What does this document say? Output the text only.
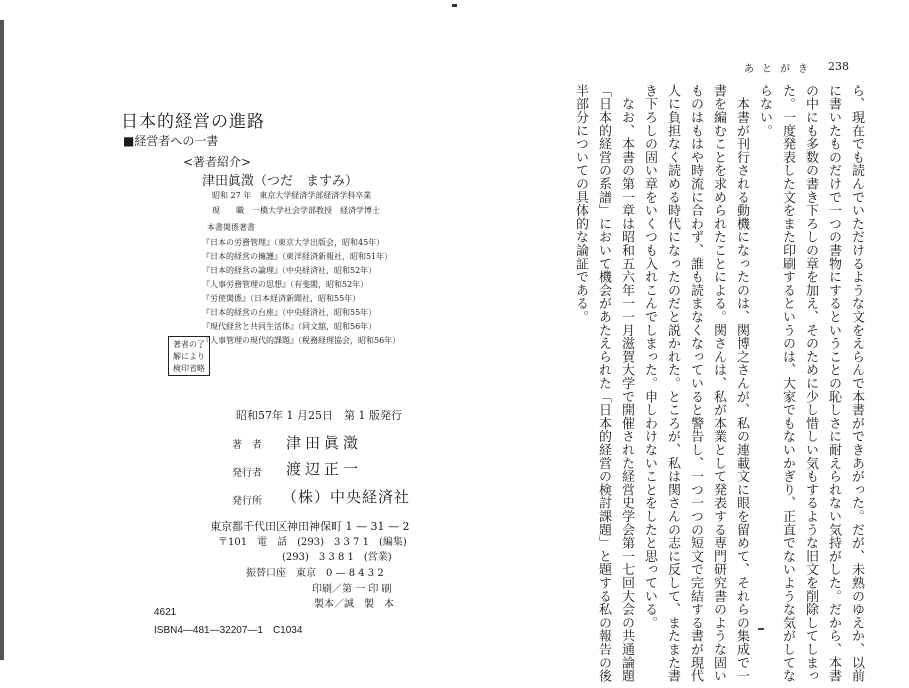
日本的経営の進路
■経営者への一書
<著者紹介>
津田眞澂（つだ　ますみ）
昭和 27 年　東京大学経済学部経済学科卒業
現　　職　一橋大学社会学部教授　経済学博士
本書関係著書
『日本の労務管理』（東京大学出版会，昭和45年）
『日本的経営の擁護』（東洋経済新報社，昭和51年）
『日本的経営の論理』（中央経済社，昭和52年）
『人事労務管理の思想』（有斐閣，昭和52年）
『労使関係』（日本経済新聞社，昭和55年）
『日本的経営の台座』（中央経済社，昭和55年）
『現代経営と共同生活体』（同文舘，昭和56年）
『人事管理の現代的課題』（税務経理協会，昭和56年）
著者の了
解により
検印省略
昭和57年 1 月25日　第 1 版発行
著　者 津田眞澂
発行者 渡辺正一
発行所 （株）中央経済社
東京都千代田区神田神保町 1 — 31 — 2
〒101　電　話　(293)　3 3 7 1　(編集)
(293)　3 3 8 1　(営業)
振替口座　東京　0 — 8 4 3 2
印刷／第 一 印 刷
製本／誠　製　本
4621
ISBN4—481—32207—1　C1034
あとがき 238
ら、現在でも読んでいただけるような文をえらんで本書ができあがった。だが、未熟のゆえか、以前
に書いたものだけで一つの書物にするということの恥しさに耐えられない気持がした。だから、本書
の中にも多数の書き下ろしの章を加え、そのために少し惜しい気もするような旧文を削除してしまっ
た。一度発表した文をまた印刷するというのは、大家でもないかぎり、正直でないような気がしてな
らない。
　本書が刊行される動機になったのは、関博之さんが、私の連載文に眼を留めて、それらの集成で一
書を編むことを求められたことによる。関さんは、私が本業として発表する専門研究書のような固い
ものはもはや時流に合わず、誰も読まなくなっていると警告し、一つ一つの短文で完結する書が現代
人に負担なく読める時代になったのだと説かれた。ところが、私は関さんの志に反して、またまた書
き下ろしの固い章をいくつも入れこんでしまった。申しわけないことをしたと思っている。
　なお、本書の第一章は昭和五六年一一月滋賀大学で開催された経営史学会第一七回大会の共通論題
「日本的経営の系譜」において機会があたえられた「日本的経営の検討課題」と題する私の報告の後
半部分についての具体的な論証である。
